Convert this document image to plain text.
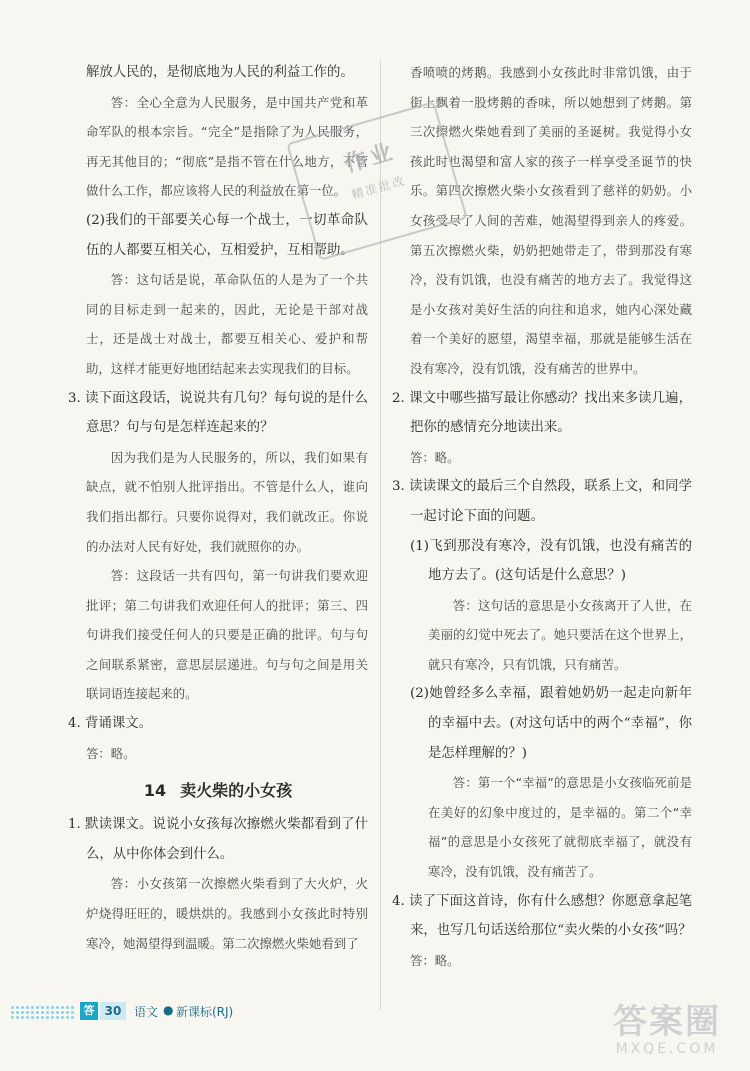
解放人民的，是彻底地为人民的利益工作的。

答：全心全意为人民服务，是中国共产党和革命军队的根本宗旨。“完全”是指除了为人民服务，再无其他目的；“彻底”是指不管在什么地方，不管做什么工作，都应该将人民的利益放在第一位。

(2)我们的干部要关心每一个战士，一切革命队伍的人都要互相关心，互相爱护，互相帮助。

答：这句话是说，革命队伍的人是为了一个共同的目标走到一起来的，因此，无论是干部对战士，还是战士对战士，都要互相关心、爱护和帮助，这样才能更好地团结起来去实现我们的目标。

3. 读下面这段话，说说共有几句？每句说的是什么意思？句与句是怎样连起来的？

因为我们是为人民服务的，所以，我们如果有缺点，就不怕别人批评指出。不管是什么人，谁向我们指出都行。只要你说得对，我们就改正。你说的办法对人民有好处，我们就照你的办。

答：这段话一共有四句，第一句讲我们要欢迎批评；第二句讲我们欢迎任何人的批评；第三、四句讲我们接受任何人的只要是正确的批评。句与句之间联系紧密，意思层层递进。句与句之间是用关联词语连接起来的。

4. 背诵课文。

答：略。

14 卖火柴的小女孩

1. 默读课文。说说小女孩每次擦燃火柴都看到了什么，从中你体会到什么。

答：小女孩第一次擦燃火柴看到了大火炉，火炉烧得旺旺的，暖烘烘的。我感到小女孩此时特别寒冷，她渴望得到温暖。第二次擦燃火柴她看到了

香喷喷的烤鹅。我感到小女孩此时非常饥饿，由于街上飘着一股烤鹅的香味，所以她想到了烤鹅。第三次擦燃火柴她看到了美丽的圣诞树。我觉得小女孩此时也渴望和富人家的孩子一样享受圣诞节的快乐。第四次擦燃火柴小女孩看到了慈祥的奶奶。小女孩受尽了人间的苦难，她渴望得到亲人的疼爱。第五次擦燃火柴，奶奶把她带走了，带到那没有寒冷，没有饥饿，也没有痛苦的地方去了。我觉得这是小女孩对美好生活的向往和追求，她内心深处藏着一个美好的愿望，渴望幸福，那就是能够生活在没有寒冷，没有饥饿，没有痛苦的世界中。

2. 课文中哪些描写最让你感动？找出来多读几遍，把你的感情充分地读出来。

答：略。

3. 读读课文的最后三个自然段，联系上文，和同学一起讨论下面的问题。

(1)飞到那没有寒冷，没有饥饿，也没有痛苦的地方去了。(这句话是什么意思？)

答：这句话的意思是小女孩离开了人世，在美丽的幻觉中死去了。她只要活在这个世界上，就只有寒冷，只有饥饿，只有痛苦。

(2)她曾经多么幸福，跟着她奶奶一起走向新年的幸福中去。(对这句话中的两个“幸福”，你是怎样理解的？)

答：第一个“幸福”的意思是小女孩临死前是在美好的幻象中度过的，是幸福的。第二个“幸福”的意思是小女孩死了就彻底幸福了，就没有寒冷，没有饥饿，没有痛苦了。

4. 读了下面这首诗，你有什么感想？你愿意拿起笔来，也写几句话送给那位“卖火柴的小女孩”吗？

答：略。

作业
精准批改
答 30	语文 ● 新课标(RJ)	答案圈
MXQE.COM
